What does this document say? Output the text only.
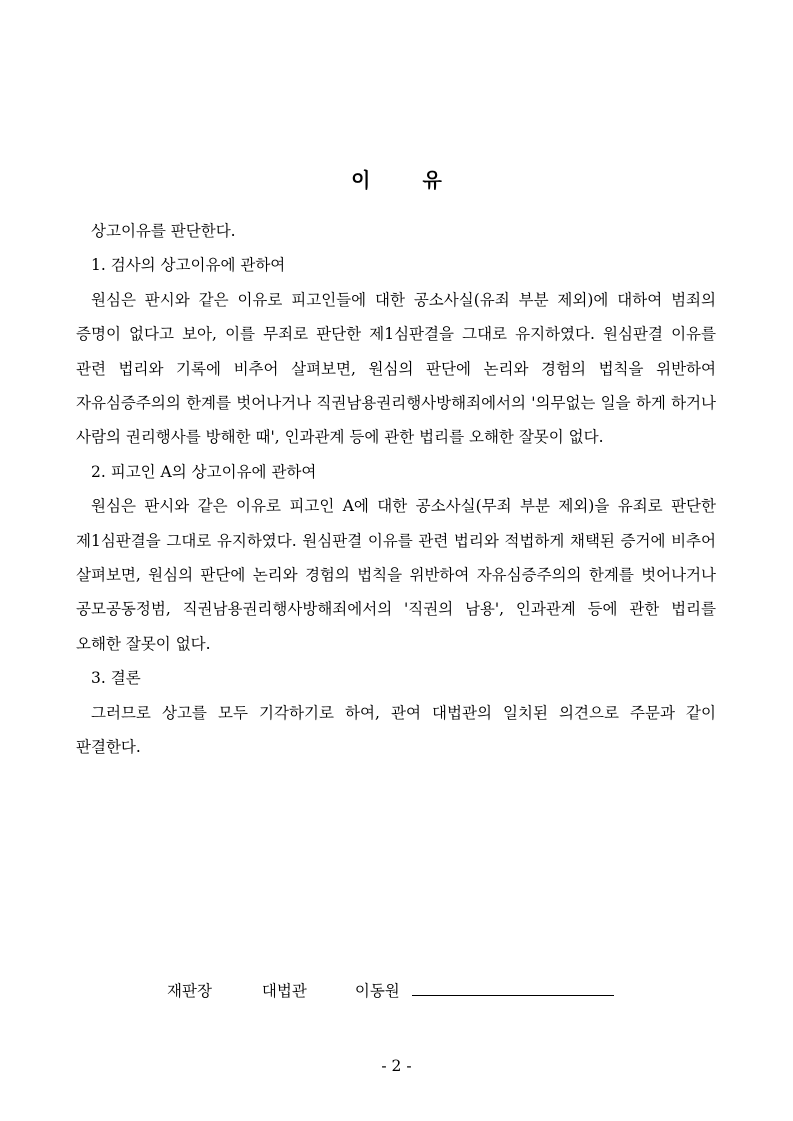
이	유

상고이유를 판단한다.

1. 검사의 상고이유에 관하여

원심은 판시와 같은 이유로 피고인들에 대한 공소사실(유죄 부분 제외)에 대하여 범죄의 증명이 없다고 보아, 이를 무죄로 판단한 제1심판결을 그대로 유지하였다. 원심판결 이유를 관련 법리와 기록에 비추어 살펴보면, 원심의 판단에 논리와 경험의 법칙을 위반하여 자유심증주의의 한계를 벗어나거나 직권남용권리행사방해죄에서의 '의무없는 일을 하게 하거나 사람의 권리행사를 방해한 때', 인과관계 등에 관한 법리를 오해한 잘못이 없다.

2. 피고인 A의 상고이유에 관하여

원심은 판시와 같은 이유로 피고인 A에 대한 공소사실(무죄 부분 제외)을 유죄로 판단한 제1심판결을 그대로 유지하였다. 원심판결 이유를 관련 법리와 적법하게 채택된 증거에 비추어 살펴보면, 원심의 판단에 논리와 경험의 법칙을 위반하여 자유심증주의의 한계를 벗어나거나 공모공동정범, 직권남용권리행사방해죄에서의 '직권의 남용', 인과관계 등에 관한 법리를 오해한 잘못이 없다.

3. 결론

그러므로 상고를 모두 기각하기로 하여, 관여 대법관의 일치된 의견으로 주문과 같이 판결한다.

재판장	대법관	이동원
- 2 -
